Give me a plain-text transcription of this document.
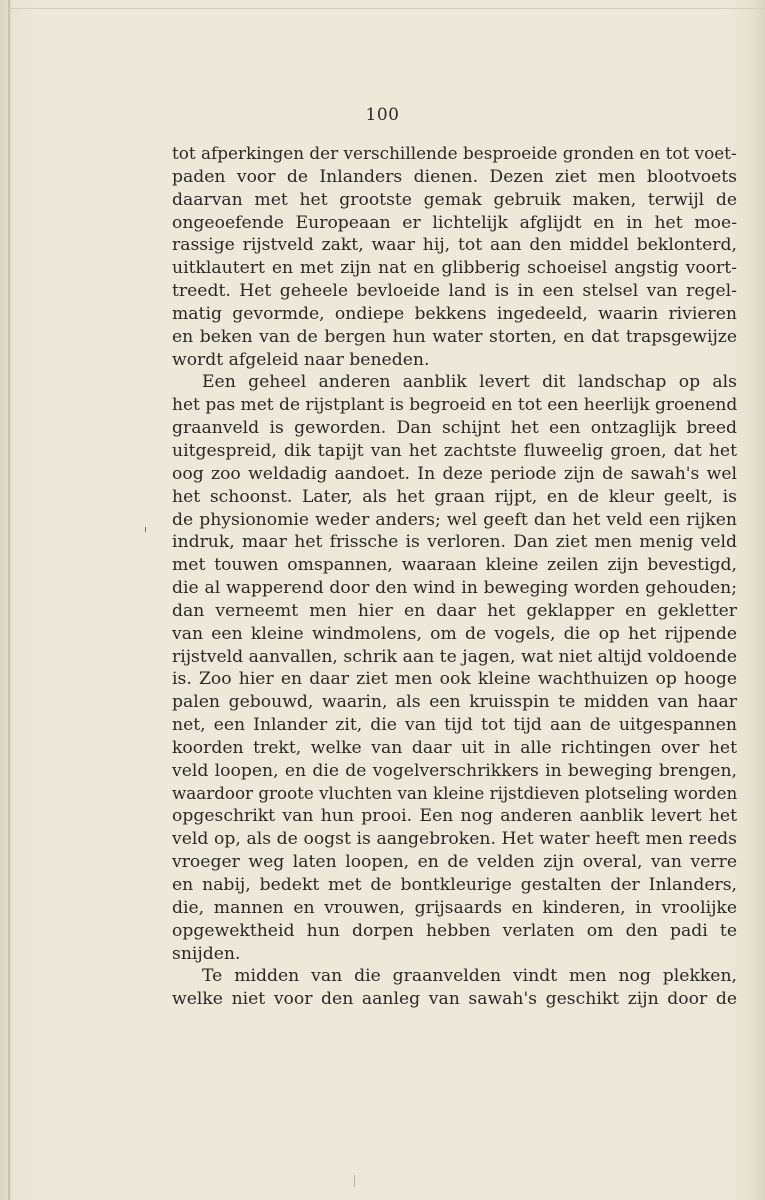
100
tot afperkingen der verschillende besproeide gronden en tot voet-
paden voor de Inlanders dienen. Dezen ziet men blootvoets
daarvan met het grootste gemak gebruik maken, terwijl de
ongeoefende Europeaan er lichtelijk afglijdt en in het moe-
rassige rijstveld zakt, waar hij, tot aan den middel beklonterd,
uitklautert en met zijn nat en glibberig schoeisel angstig voort-
treedt. Het geheele bevloeide land is in een stelsel van regel-
matig gevormde, ondiepe bekkens ingedeeld, waarin rivieren
en beken van de bergen hun water storten, en dat trapsgewijze
wordt afgeleid naar beneden.
Een geheel anderen aanblik levert dit landschap op als
het pas met de rijstplant is begroeid en tot een heerlijk groenend
graanveld is geworden. Dan schijnt het een ontzaglijk breed
uitgespreid, dik tapijt van het zachtste fluweelig groen, dat het
oog zoo weldadig aandoet. In deze periode zijn de sawah's wel
het schoonst. Later, als het graan rijpt, en de kleur geelt, is
de physionomie weder anders; wel geeft dan het veld een rijken
indruk, maar het frissche is verloren. Dan ziet men menig veld
met touwen omspannen, waaraan kleine zeilen zijn bevestigd,
die al wapperend door den wind in beweging worden gehouden;
dan verneemt men hier en daar het geklapper en gekletter
van een kleine windmolens, om de vogels, die op het rijpende
rijstveld aanvallen, schrik aan te jagen, wat niet altijd voldoende
is. Zoo hier en daar ziet men ook kleine wachthuizen op hooge
palen gebouwd, waarin, als een kruisspin te midden van haar
net, een Inlander zit, die van tijd tot tijd aan de uitgespannen
koorden trekt, welke van daar uit in alle richtingen over het
veld loopen, en die de vogelverschrikkers in beweging brengen,
waardoor groote vluchten van kleine rijstdieven plotseling worden
opgeschrikt van hun prooi. Een nog anderen aanblik levert het
veld op, als de oogst is aangebroken. Het water heeft men reeds
vroeger weg laten loopen, en de velden zijn overal, van verre
en nabij, bedekt met de bontkleurige gestalten der Inlanders,
die, mannen en vrouwen, grijsaards en kinderen, in vroolijke
opgewektheid hun dorpen hebben verlaten om den padi te
snijden.
Te midden van die graanvelden vindt men nog plekken,
welke niet voor den aanleg van sawah's geschikt zijn door de
